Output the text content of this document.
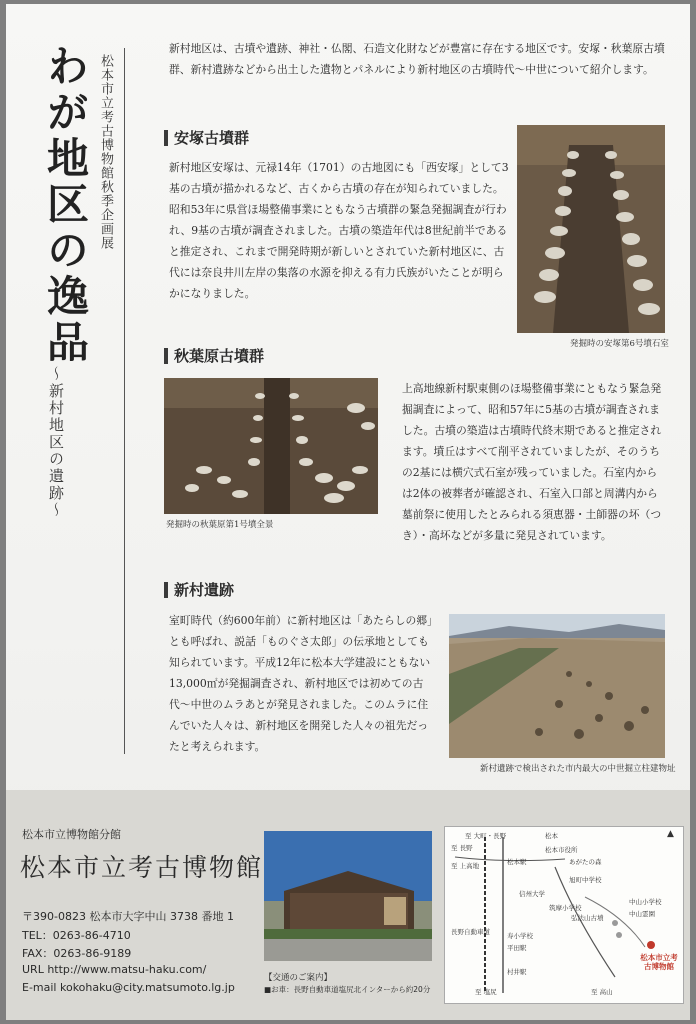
松本市立考古博物館秋季企画展
わが地区の逸品
〜新村地区の遺跡〜
新村地区は、古墳や遺跡、神社・仏閣、石造文化財などが豊富に存在する地区です。安塚・秋葉原古墳群、新村遺跡などから出土した遺物とパネルにより新村地区の古墳時代〜中世について紹介します。
安塚古墳群
新村地区安塚は、元禄14年（1701）の古地図にも「西安塚」として3基の古墳が描かれるなど、古くから古墳の存在が知られていました。昭和53年に県営ほ場整備事業にともなう古墳群の緊急発掘調査が行われ、9基の古墳が調査されました。古墳の築造年代は8世紀前半であると推定され、これまで開発時期が新しいとされていた新村地区に、古代には奈良井川左岸の集落の水源を抑える有力氏族がいたことが明らかになりました。
発掘時の安塚第6号墳石室
秋葉原古墳群
発掘時の秋葉原第1号墳全景
上高地線新村駅東側のほ場整備事業にともなう緊急発掘調査によって、昭和57年に5基の古墳が調査されました。古墳の築造は古墳時代終末期であると推定されます。墳丘はすべて削平されていましたが、そのうちの2基には横穴式石室が残っていました。石室内からは2体の被葬者が確認され、石室入口部と周溝内から墓前祭に使用したとみられる須恵器・土師器の坏（つき）・高坏などが多量に発見されています。
新村遺跡
室町時代（約600年前）に新村地区は「あたらしの郷」とも呼ばれ、説話「ものぐさ太郎」の伝承地としても知られています。平成12年に松本大学建設にともない13,000㎡が発掘調査され、新村地区では初めての古代〜中世のムラあとが発見されました。このムラに住んでいた人々は、新村地区を開発した人々の祖先だったと考えられます。
新村遺跡で検出された市内最大の中世掘立柱建物址
松本市立博物館分館
松本市立考古博物館
〒390-0823 松本市大字中山 3738 番地 1
TEL：0263-86-4710
FAX：0263-86-9189
URL http://www.matsu-haku.com/
E-mail kokohaku@city.matsumoto.lg.jp
【交通のご案内】
■お車：長野自動車道塩尻北インターから約20分
至 大町・長野	松本
至 長野
至 上高地
松本市役所
松本駅	あがたの森
旭町中学校
信州大学
筑摩小学校
中山小学校
中山霊園
弘法山古墳
平田駅
村井駅
寿小学校
至 塩尻	至 高山
長野自動車道
松本市立考古博物館
▲
